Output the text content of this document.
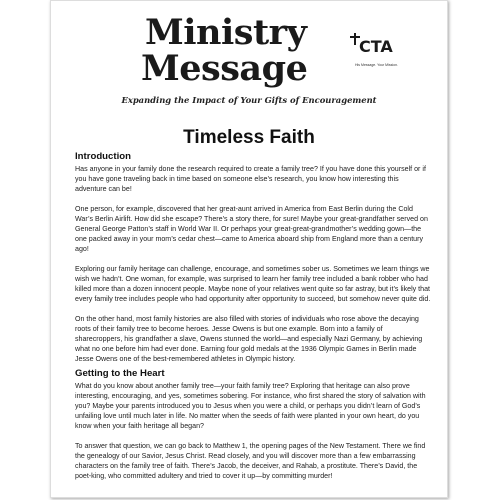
Ministry
Message
CTA
His Message. Your Mission.
Expanding the Impact of Your Gifts of Encouragement
Timeless Faith
Introduction

Has anyone in your family done the research required to create a family tree? If you have done this yourself or if you have gone traveling back in time based on someone else’s research, you know how interesting this adventure can be!

One person, for example, discovered that her great-aunt arrived in America from East Berlin during the Cold War’s Berlin Airlift. How did she escape? There’s a story there, for sure! Maybe your great-grandfather served on General George Patton’s staff in World War II. Or perhaps your great-great-grandmother’s wedding gown—the one packed away in your mom’s cedar chest—came to America aboard ship from England more than a century ago!

Exploring our family heritage can challenge, encourage, and sometimes sober us. Sometimes we learn things we wish we hadn’t. One woman, for example, was surprised to learn her family tree included a bank robber who had killed more than a dozen innocent people. Maybe none of your relatives went quite so far astray, but it’s likely that every family tree includes people who had opportunity after opportunity to succeed, but somehow never quite did.

On the other hand, most family histories are also filled with stories of individuals who rose above the decaying roots of their family tree to become heroes. Jesse Owens is but one example. Born into a family of sharecroppers, his grandfather a slave, Owens stunned the world—and especially Nazi Germany, by achieving what no one before him had ever done. Earning four gold medals at the 1936 Olympic Games in Berlin made Jesse Owens one of the best-remembered athletes in Olympic history.

Getting to the Heart

What do you know about another family tree—your faith family tree? Exploring that heritage can also prove interesting, encouraging, and yes, sometimes sobering. For instance, who first shared the story of salvation with you? Maybe your parents introduced you to Jesus when you were a child, or perhaps you didn’t learn of God’s unfailing love until much later in life. No matter when the seeds of faith were planted in your own heart, do you know when your faith heritage all began?

To answer that question, we can go back to Matthew 1, the opening pages of the New Testament. There we find the genealogy of our Savior, Jesus Christ. Read closely, and you will discover more than a few embarrassing characters on the family tree of faith. There’s Jacob, the deceiver, and Rahab, a prostitute. There’s David, the poet-king, who committed adultery and tried to cover it up—by committing murder!
